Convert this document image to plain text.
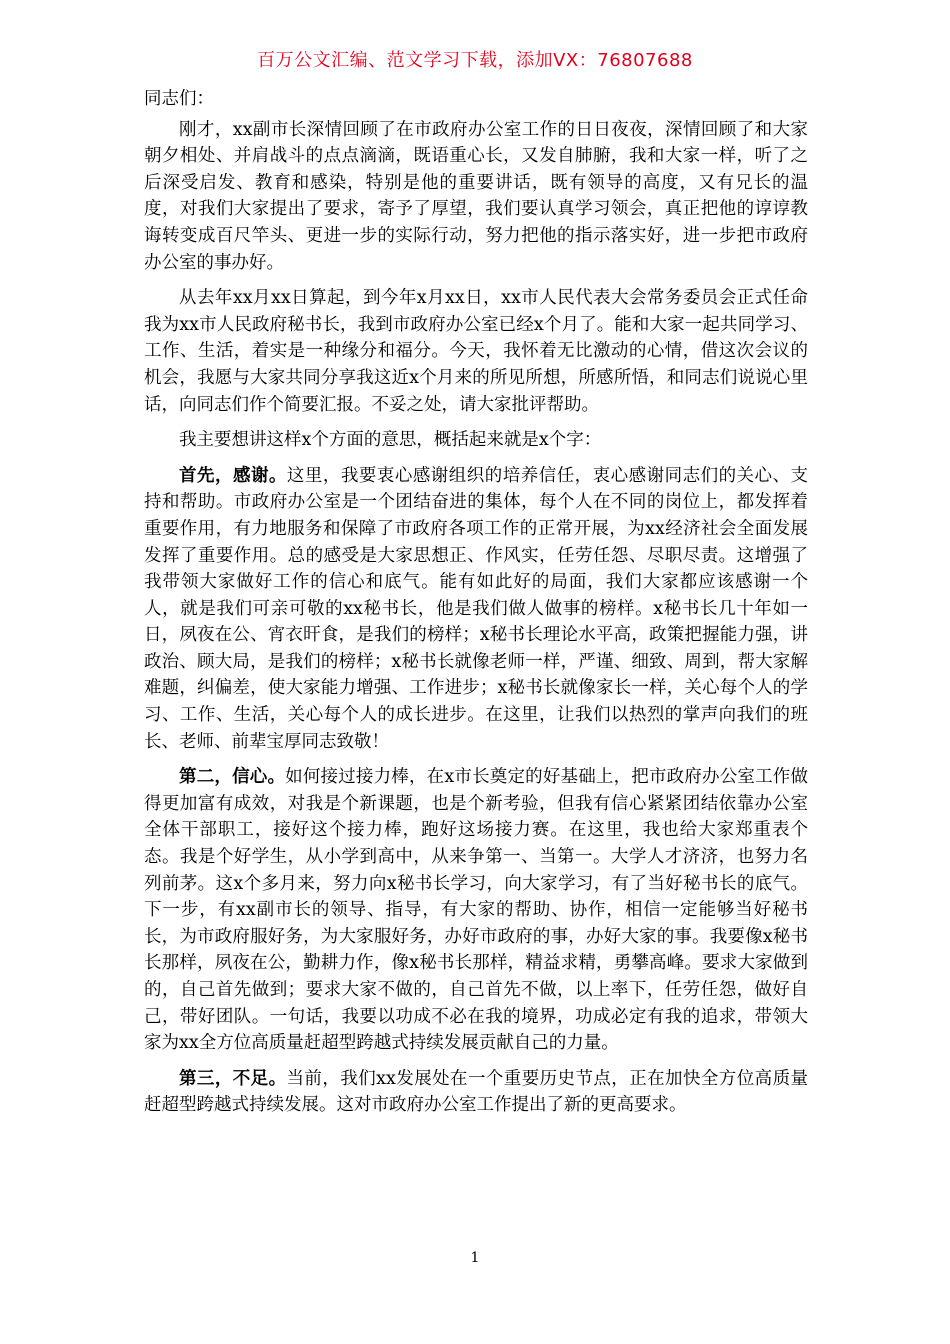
百万公文汇编、范文学习下载，添加VX：76807688

同志们：

刚才，xx副市长深情回顾了在市政府办公室工作的日日夜夜，深情回顾了和大家朝夕相处、并肩战斗的点点滴滴，既语重心长，又发自肺腑，我和大家一样，听了之后深受启发、教育和感染，特别是他的重要讲话，既有领导的高度，又有兄长的温度，对我们大家提出了要求，寄予了厚望，我们要认真学习领会，真正把他的谆谆教诲转变成百尺竿头、更进一步的实际行动，努力把他的指示落实好，进一步把市政府办公室的事办好。

从去年xx月xx日算起，到今年x月xx日，xx市人民代表大会常务委员会正式任命我为xx市人民政府秘书长，我到市政府办公室已经x个月了。能和大家一起共同学习、工作、生活，着实是一种缘分和福分。今天，我怀着无比激动的心情，借这次会议的机会，我愿与大家共同分享我这近x个月来的所见所想，所感所悟，和同志们说说心里话，向同志们作个简要汇报。不妥之处，请大家批评帮助。

我主要想讲这样x个方面的意思，概括起来就是x个字：

首先，感谢。这里，我要衷心感谢组织的培养信任，衷心感谢同志们的关心、支持和帮助。市政府办公室是一个团结奋进的集体，每个人在不同的岗位上，都发挥着重要作用，有力地服务和保障了市政府各项工作的正常开展，为xx经济社会全面发展发挥了重要作用。总的感受是大家思想正、作风实，任劳任怨、尽职尽责。这增强了我带领大家做好工作的信心和底气。能有如此好的局面，我们大家都应该感谢一个人，就是我们可亲可敬的xx秘书长，他是我们做人做事的榜样。x秘书长几十年如一日，夙夜在公、宵衣旰食，是我们的榜样；x秘书长理论水平高，政策把握能力强，讲政治、顾大局，是我们的榜样；x秘书长就像老师一样，严谨、细致、周到，帮大家解难题，纠偏差，使大家能力增强、工作进步；x秘书长就像家长一样，关心每个人的学习、工作、生活，关心每个人的成长进步。在这里，让我们以热烈的掌声向我们的班长、老师、前辈宝厚同志致敬！

第二，信心。如何接过接力棒，在x市长奠定的好基础上，把市政府办公室工作做得更加富有成效，对我是个新课题，也是个新考验，但我有信心紧紧团结依靠办公室全体干部职工，接好这个接力棒，跑好这场接力赛。在这里，我也给大家郑重表个态。我是个好学生，从小学到高中，从来争第一、当第一。大学人才济济，也努力名列前茅。这x个多月来，努力向x秘书长学习，向大家学习，有了当好秘书长的底气。下一步，有xx副市长的领导、指导，有大家的帮助、协作，相信一定能够当好秘书长，为市政府服好务，为大家服好务，办好市政府的事，办好大家的事。我要像x秘书长那样，夙夜在公，勤耕力作，像x秘书长那样，精益求精，勇攀高峰。要求大家做到的，自己首先做到；要求大家不做的，自己首先不做，以上率下，任劳任怨，做好自己，带好团队。一句话，我要以功成不必在我的境界，功成必定有我的追求，带领大家为xx全方位高质量赶超型跨越式持续发展贡献自己的力量。

第三，不足。当前，我们xx发展处在一个重要历史节点，正在加快全方位高质量赶超型跨越式持续发展。这对市政府办公室工作提出了新的更高要求。

1
